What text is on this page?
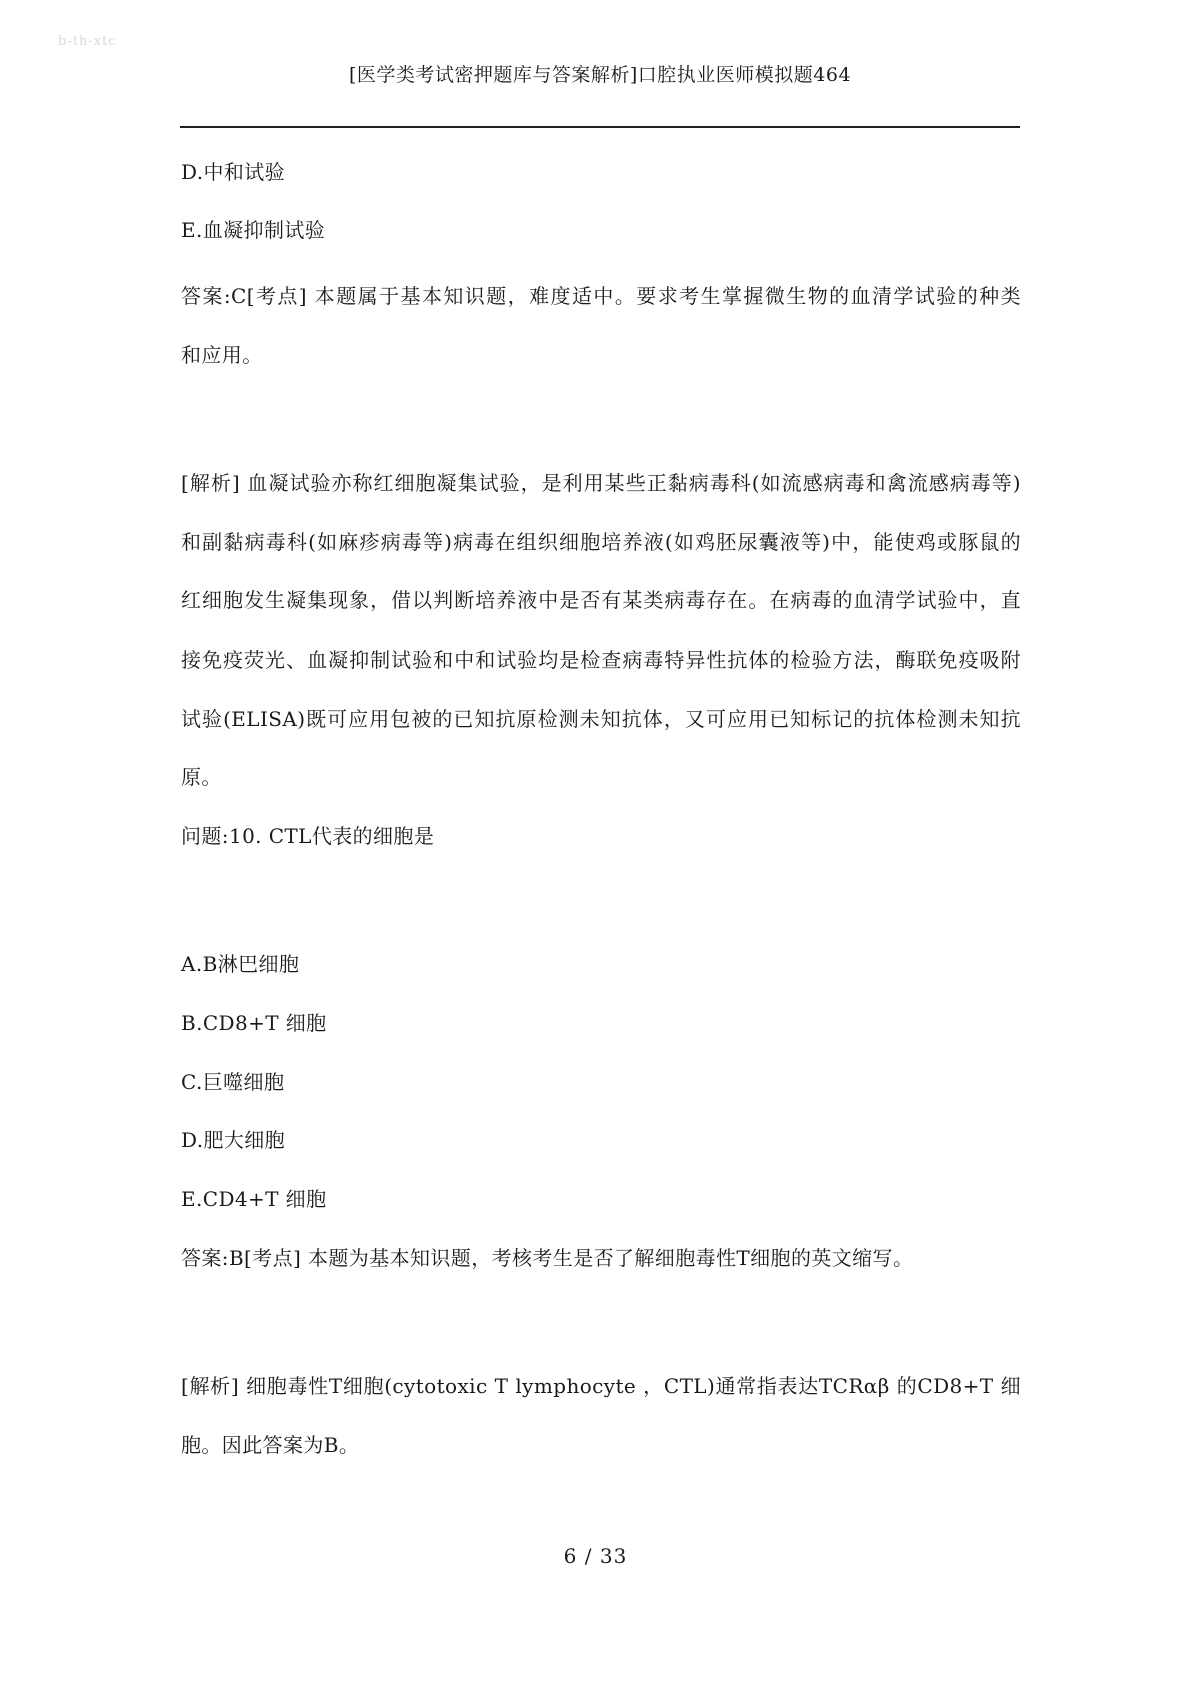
b-th-xtc
[医学类考试密押题库与答案解析]口腔执业医师模拟题464
D.中和试验
E.血凝抑制试验
答案:C[考点] 本题属于基本知识题，难度适中。要求考生掌握微生物的血清学试验的种类
和应用。
[解析] 血凝试验亦称红细胞凝集试验，是利用某些正黏病毒科(如流感病毒和禽流感病毒等)
和副黏病毒科(如麻疹病毒等)病毒在组织细胞培养液(如鸡胚尿囊液等)中，能使鸡或豚鼠的
红细胞发生凝集现象，借以判断培养液中是否有某类病毒存在。在病毒的血清学试验中，直
接免疫荧光、血凝抑制试验和中和试验均是检查病毒特异性抗体的检验方法，酶联免疫吸附
试验(ELISA)既可应用包被的已知抗原检测未知抗体，又可应用已知标记的抗体检测未知抗
原。
问题:10. CTL代表的细胞是
A.B淋巴细胞
B.CD8+T 细胞
C.巨噬细胞
D.肥大细胞
E.CD4+T 细胞
答案:B[考点] 本题为基本知识题，考核考生是否了解细胞毒性T细胞的英文缩写。
[解析] 细胞毒性T细胞(cytotoxic T lymphocyte ，CTL)通常指表达TCRαβ 的CD8+T 细
胞。因此答案为B。
6 / 33
